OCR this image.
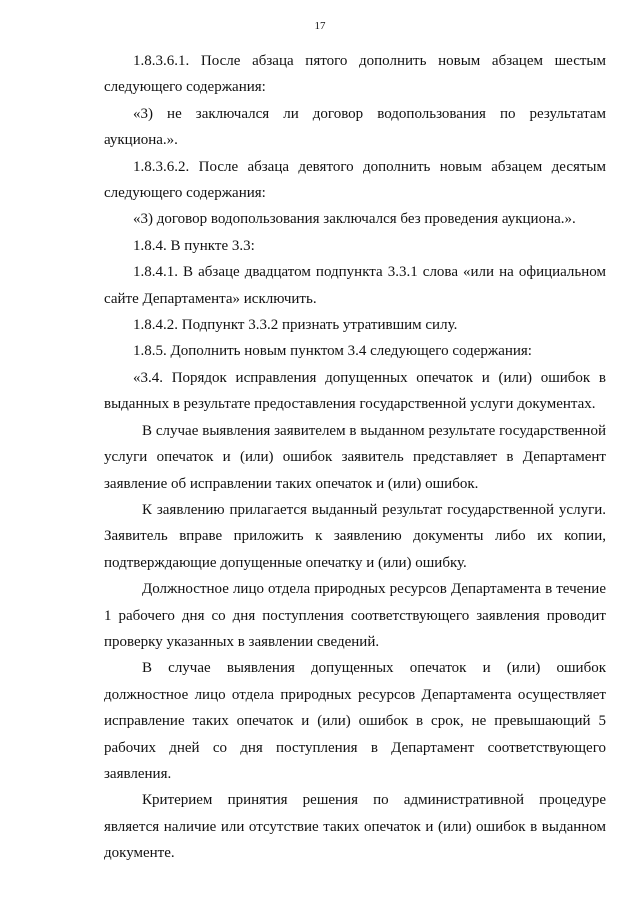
17

1.8.3.6.1. После абзаца пятого дополнить новым абзацем шестым следующего содержания:

«3) не заключался ли договор водопользования по результатам аукциона.».

1.8.3.6.2. После абзаца девятого дополнить новым абзацем десятым следующего содержания:

«3) договор водопользования заключался без проведения аукциона.».

1.8.4. В пункте 3.3:

1.8.4.1. В абзаце двадцатом подпункта 3.3.1 слова «или на официальном сайте Департамента» исключить.

1.8.4.2. Подпункт 3.3.2 признать утратившим силу.

1.8.5. Дополнить новым пунктом 3.4 следующего содержания:

«3.4. Порядок исправления допущенных опечаток и (или) ошибок в выданных в результате предоставления государственной услуги документах.

В случае выявления заявителем в выданном результате государственной услуги опечаток и (или) ошибок заявитель представляет в Департамент заявление об исправлении таких опечаток и (или) ошибок.

К заявлению прилагается выданный результат государственной услуги. Заявитель вправе приложить к заявлению документы либо их копии, подтверждающие допущенные опечатку и (или) ошибку.

Должностное лицо отдела природных ресурсов Департамента в течение 1 рабочего дня со дня поступления соответствующего заявления проводит проверку указанных в заявлении сведений.

В случае выявления допущенных опечаток и (или) ошибок должностное лицо отдела природных ресурсов Департамента осуществляет исправление таких опечаток и (или) ошибок в срок, не превышающий 5 рабочих дней со дня поступления в Департамент соответствующего заявления.

Критерием принятия решения по административной процедуре является наличие или отсутствие таких опечаток и (или) ошибок в выданном документе.
